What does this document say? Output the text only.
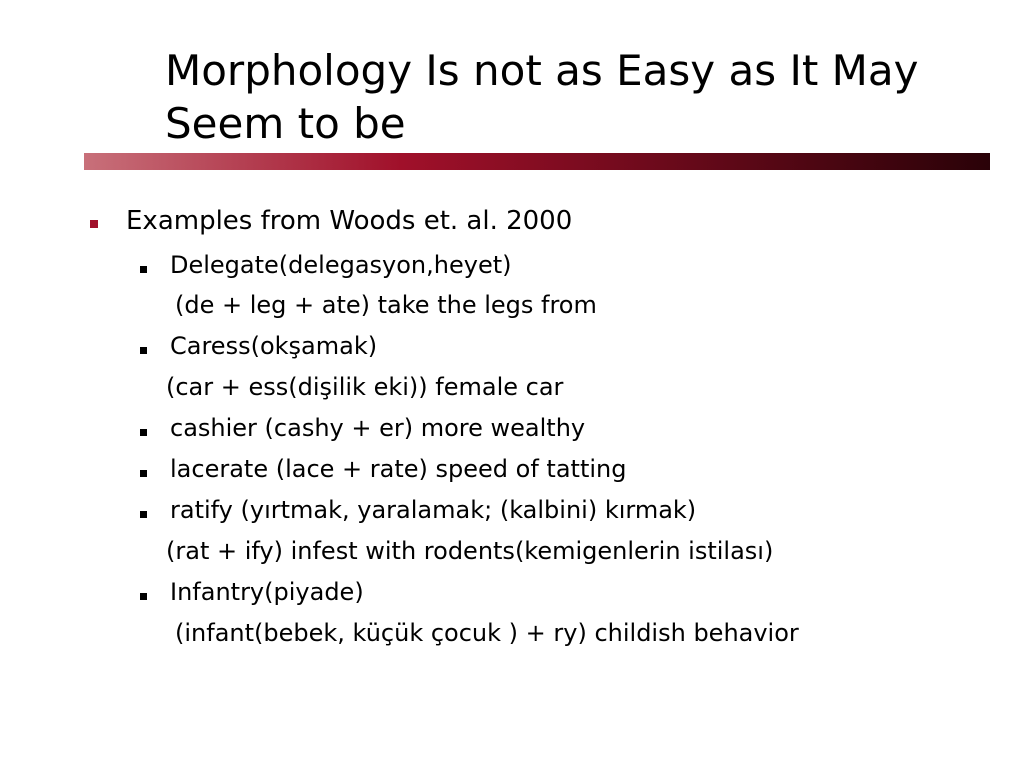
Morphology Is not as Easy as It May Seem to be
Examples from Woods et. al. 2000
Delegate(delegasyon,heyet)
(de + leg + ate) take the legs from
Caress(okşamak)
(car + ess(dişilik eki)) female car
cashier (cashy + er) more wealthy
lacerate (lace + rate) speed of tatting
ratify (yırtmak, yaralamak; (kalbini) kırmak)
(rat + ify) infest with rodents(kemigenlerin istilası)
Infantry(piyade)
(infant(bebek, küçük çocuk ) + ry) childish behavior
